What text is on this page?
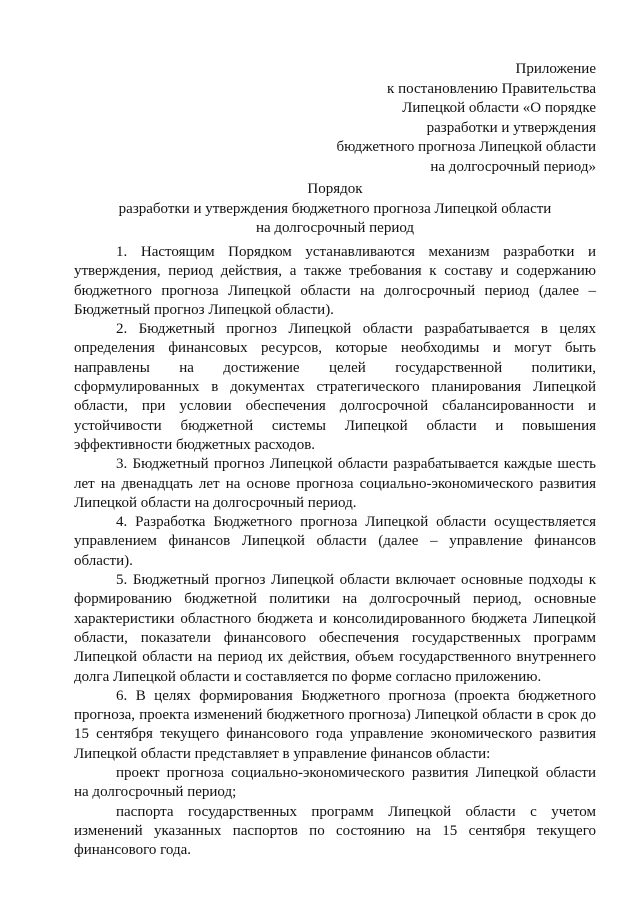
Приложение
к постановлению Правительства
Липецкой области «О порядке
разработки и утверждения
бюджетного прогноза Липецкой области
на долгосрочный период»
Порядок
разработки и утверждения бюджетного прогноза Липецкой области
на долгосрочный период

1. Настоящим Порядком устанавливаются механизм разработки и утверждения, период действия, а также требования к составу и содержанию бюджетного прогноза Липецкой области на долгосрочный период (далее – Бюджетный прогноз Липецкой области).

2. Бюджетный прогноз Липецкой области разрабатывается в целях определения финансовых ресурсов, которые необходимы и могут быть направлены на достижение целей государственной политики, сформулированных в документах стратегического планирования Липецкой области, при условии обеспечения долгосрочной сбалансированности и устойчивости бюджетной системы Липецкой области и повышения эффективности бюджетных расходов.

3. Бюджетный прогноз Липецкой области разрабатывается каждые шесть лет на двенадцать лет на основе прогноза социально-экономического развития Липецкой области на долгосрочный период.

4. Разработка Бюджетного прогноза Липецкой области осуществляется управлением финансов Липецкой области (далее – управление финансов области).

5. Бюджетный прогноз Липецкой области включает основные подходы к формированию бюджетной политики на долгосрочный период, основные характеристики областного бюджета и консолидированного бюджета Липецкой области, показатели финансового обеспечения государственных программ Липецкой области на период их действия, объем государственного внутреннего долга Липецкой области и составляется по форме согласно приложению.

6. В целях формирования Бюджетного прогноза (проекта бюджетного прогноза, проекта изменений бюджетного прогноза) Липецкой области в срок до 15 сентября текущего финансового года управление экономического развития Липецкой области представляет в управление финансов области:

проект прогноза социально-экономического развития Липецкой области на долгосрочный период;

паспорта государственных программ Липецкой области с учетом изменений указанных паспортов по состоянию на 15 сентября текущего финансового года.
